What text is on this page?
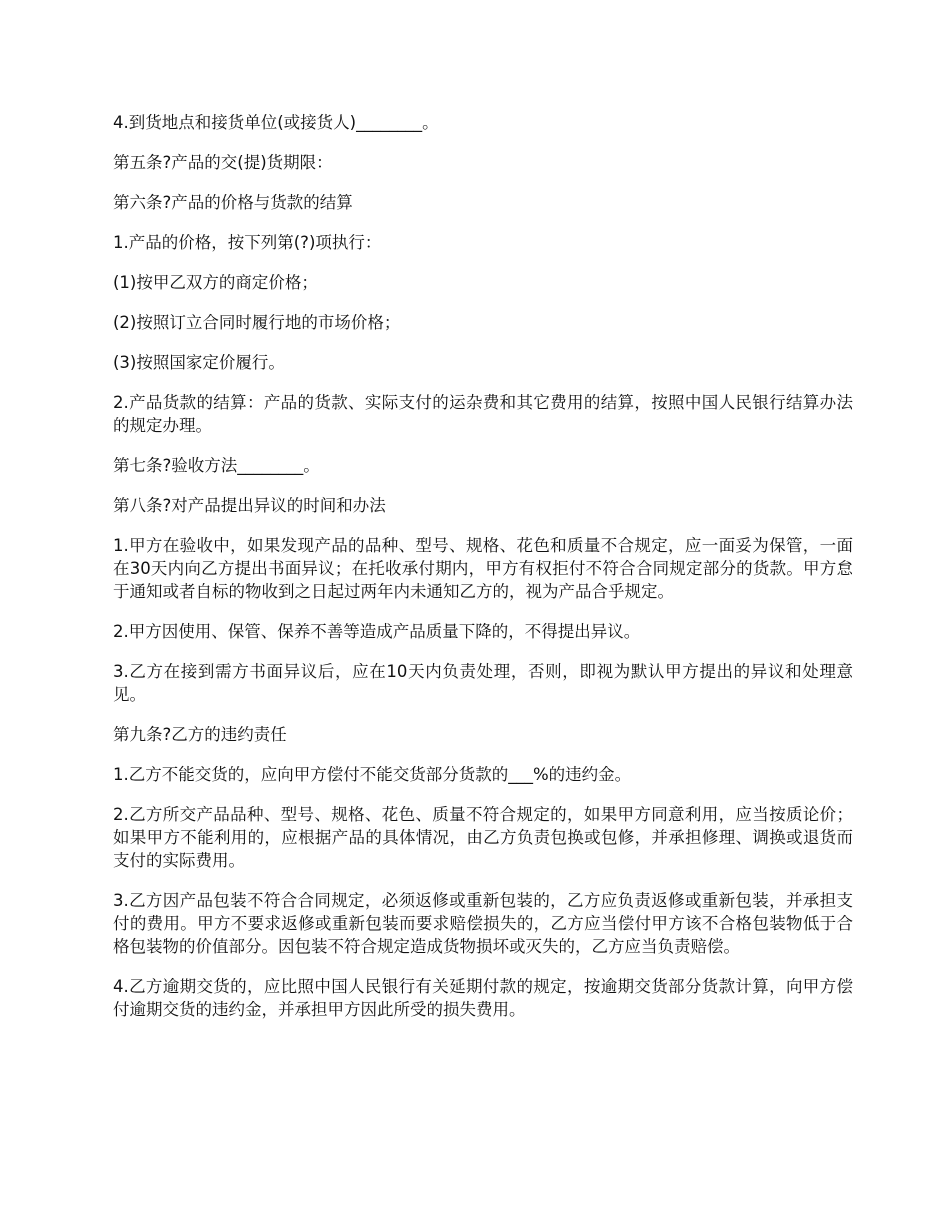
4.到货地点和接货单位(或接货人)________。

第五条?产品的交(提)货期限：

第六条?产品的价格与货款的结算

1.产品的价格，按下列第(?)项执行：

(1)按甲乙双方的商定价格；

(2)按照订立合同时履行地的市场价格；

(3)按照国家定价履行。

2.产品货款的结算：产品的货款、实际支付的运杂费和其它费用的结算，按照中国人民银行结算办法的规定办理。

第七条?验收方法________。

第八条?对产品提出异议的时间和办法

1.甲方在验收中，如果发现产品的品种、型号、规格、花色和质量不合规定，应一面妥为保管，一面在30天内向乙方提出书面异议；在托收承付期内，甲方有权拒付不符合合同规定部分的货款。甲方怠于通知或者自标的物收到之日起过两年内未通知乙方的，视为产品合乎规定。

2.甲方因使用、保管、保养不善等造成产品质量下降的，不得提出异议。

3.乙方在接到需方书面异议后，应在10天内负责处理，否则，即视为默认甲方提出的异议和处理意见。

第九条?乙方的违约责任

1.乙方不能交货的，应向甲方偿付不能交货部分货款的___%的违约金。

2.乙方所交产品品种、型号、规格、花色、质量不符合规定的，如果甲方同意利用，应当按质论价；如果甲方不能利用的，应根据产品的具体情况，由乙方负责包换或包修，并承担修理、调换或退货而支付的实际费用。

3.乙方因产品包装不符合合同规定，必须返修或重新包装的，乙方应负责返修或重新包装，并承担支付的费用。甲方不要求返修或重新包装而要求赔偿损失的，乙方应当偿付甲方该不合格包装物低于合格包装物的价值部分。因包装不符合规定造成货物损坏或灭失的，乙方应当负责赔偿。

4.乙方逾期交货的，应比照中国人民银行有关延期付款的规定，按逾期交货部分货款计算，向甲方偿付逾期交货的违约金，并承担甲方因此所受的损失费用。
